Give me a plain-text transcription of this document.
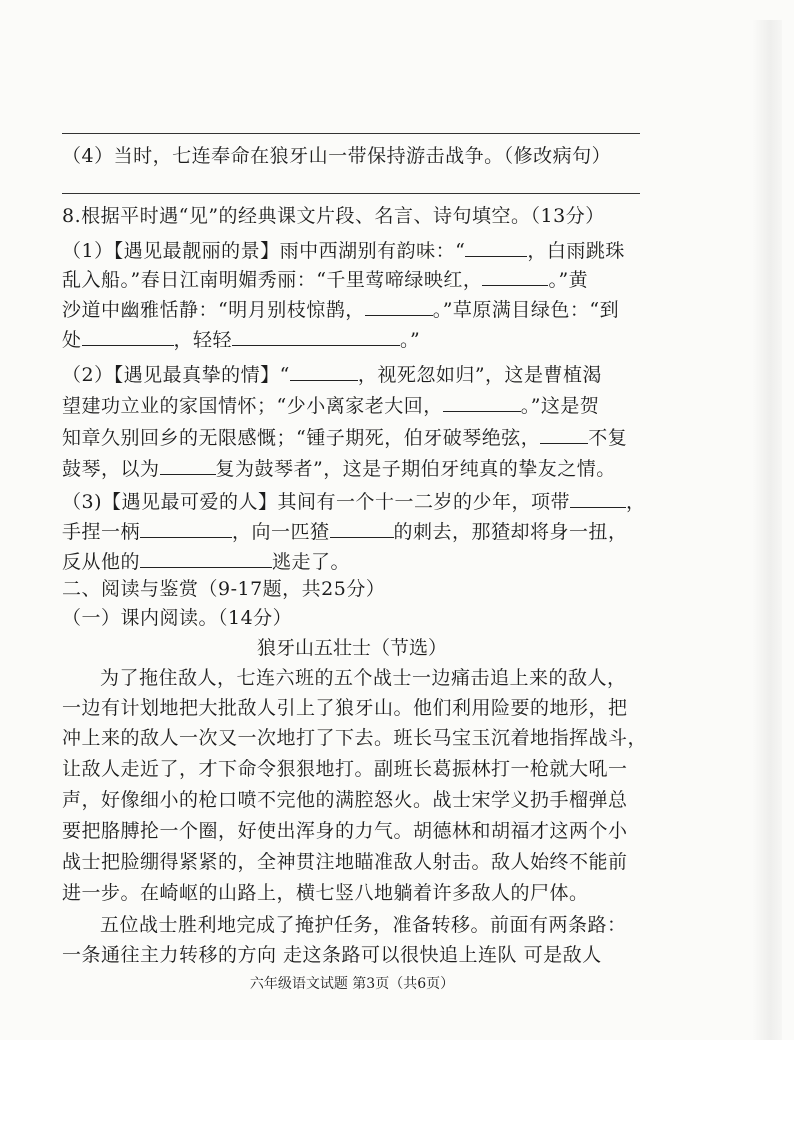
（4）当时，七连奉命在狼牙山一带保持游击战争。（修改病句）
8.根据平时遇“见”的经典课文片段、名言、诗句填空。（13分）
（1）【遇见最靓丽的景】雨中西湖别有韵味：“	，白雨跳珠
乱入船。”春日江南明媚秀丽：“千里莺啼绿映红，	。”黄
沙道中幽雅恬静：“明月别枝惊鹊，	。”草原满目绿色：“到
处	，轻轻	。”
（2）【遇见最真挚的情】“	，视死忽如归”，这是曹植渴
望建功立业的家国情怀；“少小离家老大回，	。”这是贺
知章久别回乡的无限感慨；“锺子期死，伯牙破琴绝弦，	不复
鼓琴，以为	复为鼓琴者”，这是子期伯牙纯真的挚友之情。
（3)【遇见最可爱的人】其间有一个十一二岁的少年，项带	，
手捏一柄	，向一匹猹	的刺去，那猹却将身一扭，
反从他的	逃走了。
二、阅读与鉴赏（9-17题，共25分）
（一）课内阅读。（14分）
狼牙山五壮士（节选）
为了拖住敌人，七连六班的五个战士一边痛击追上来的敌人，
一边有计划地把大批敌人引上了狼牙山。他们利用险要的地形，把
冲上来的敌人一次又一次地打了下去。班长马宝玉沉着地指挥战斗，
让敌人走近了，才下命令狠狠地打。副班长葛振林打一枪就大吼一
声，好像细小的枪口喷不完他的满腔怒火。战士宋学义扔手榴弹总
要把胳膊抡一个圈，好使出浑身的力气。胡德林和胡福才这两个小
战士把脸绷得紧紧的，全神贯注地瞄准敌人射击。敌人始终不能前
进一步。在崎岖的山路上，横七竖八地躺着许多敌人的尸体。
五位战士胜利地完成了掩护任务，准备转移。前面有两条路：
一条通往主力转移的方向 走这条路可以很快追上连队 可是敌人
六年级语文试题 第3页（共6页）
